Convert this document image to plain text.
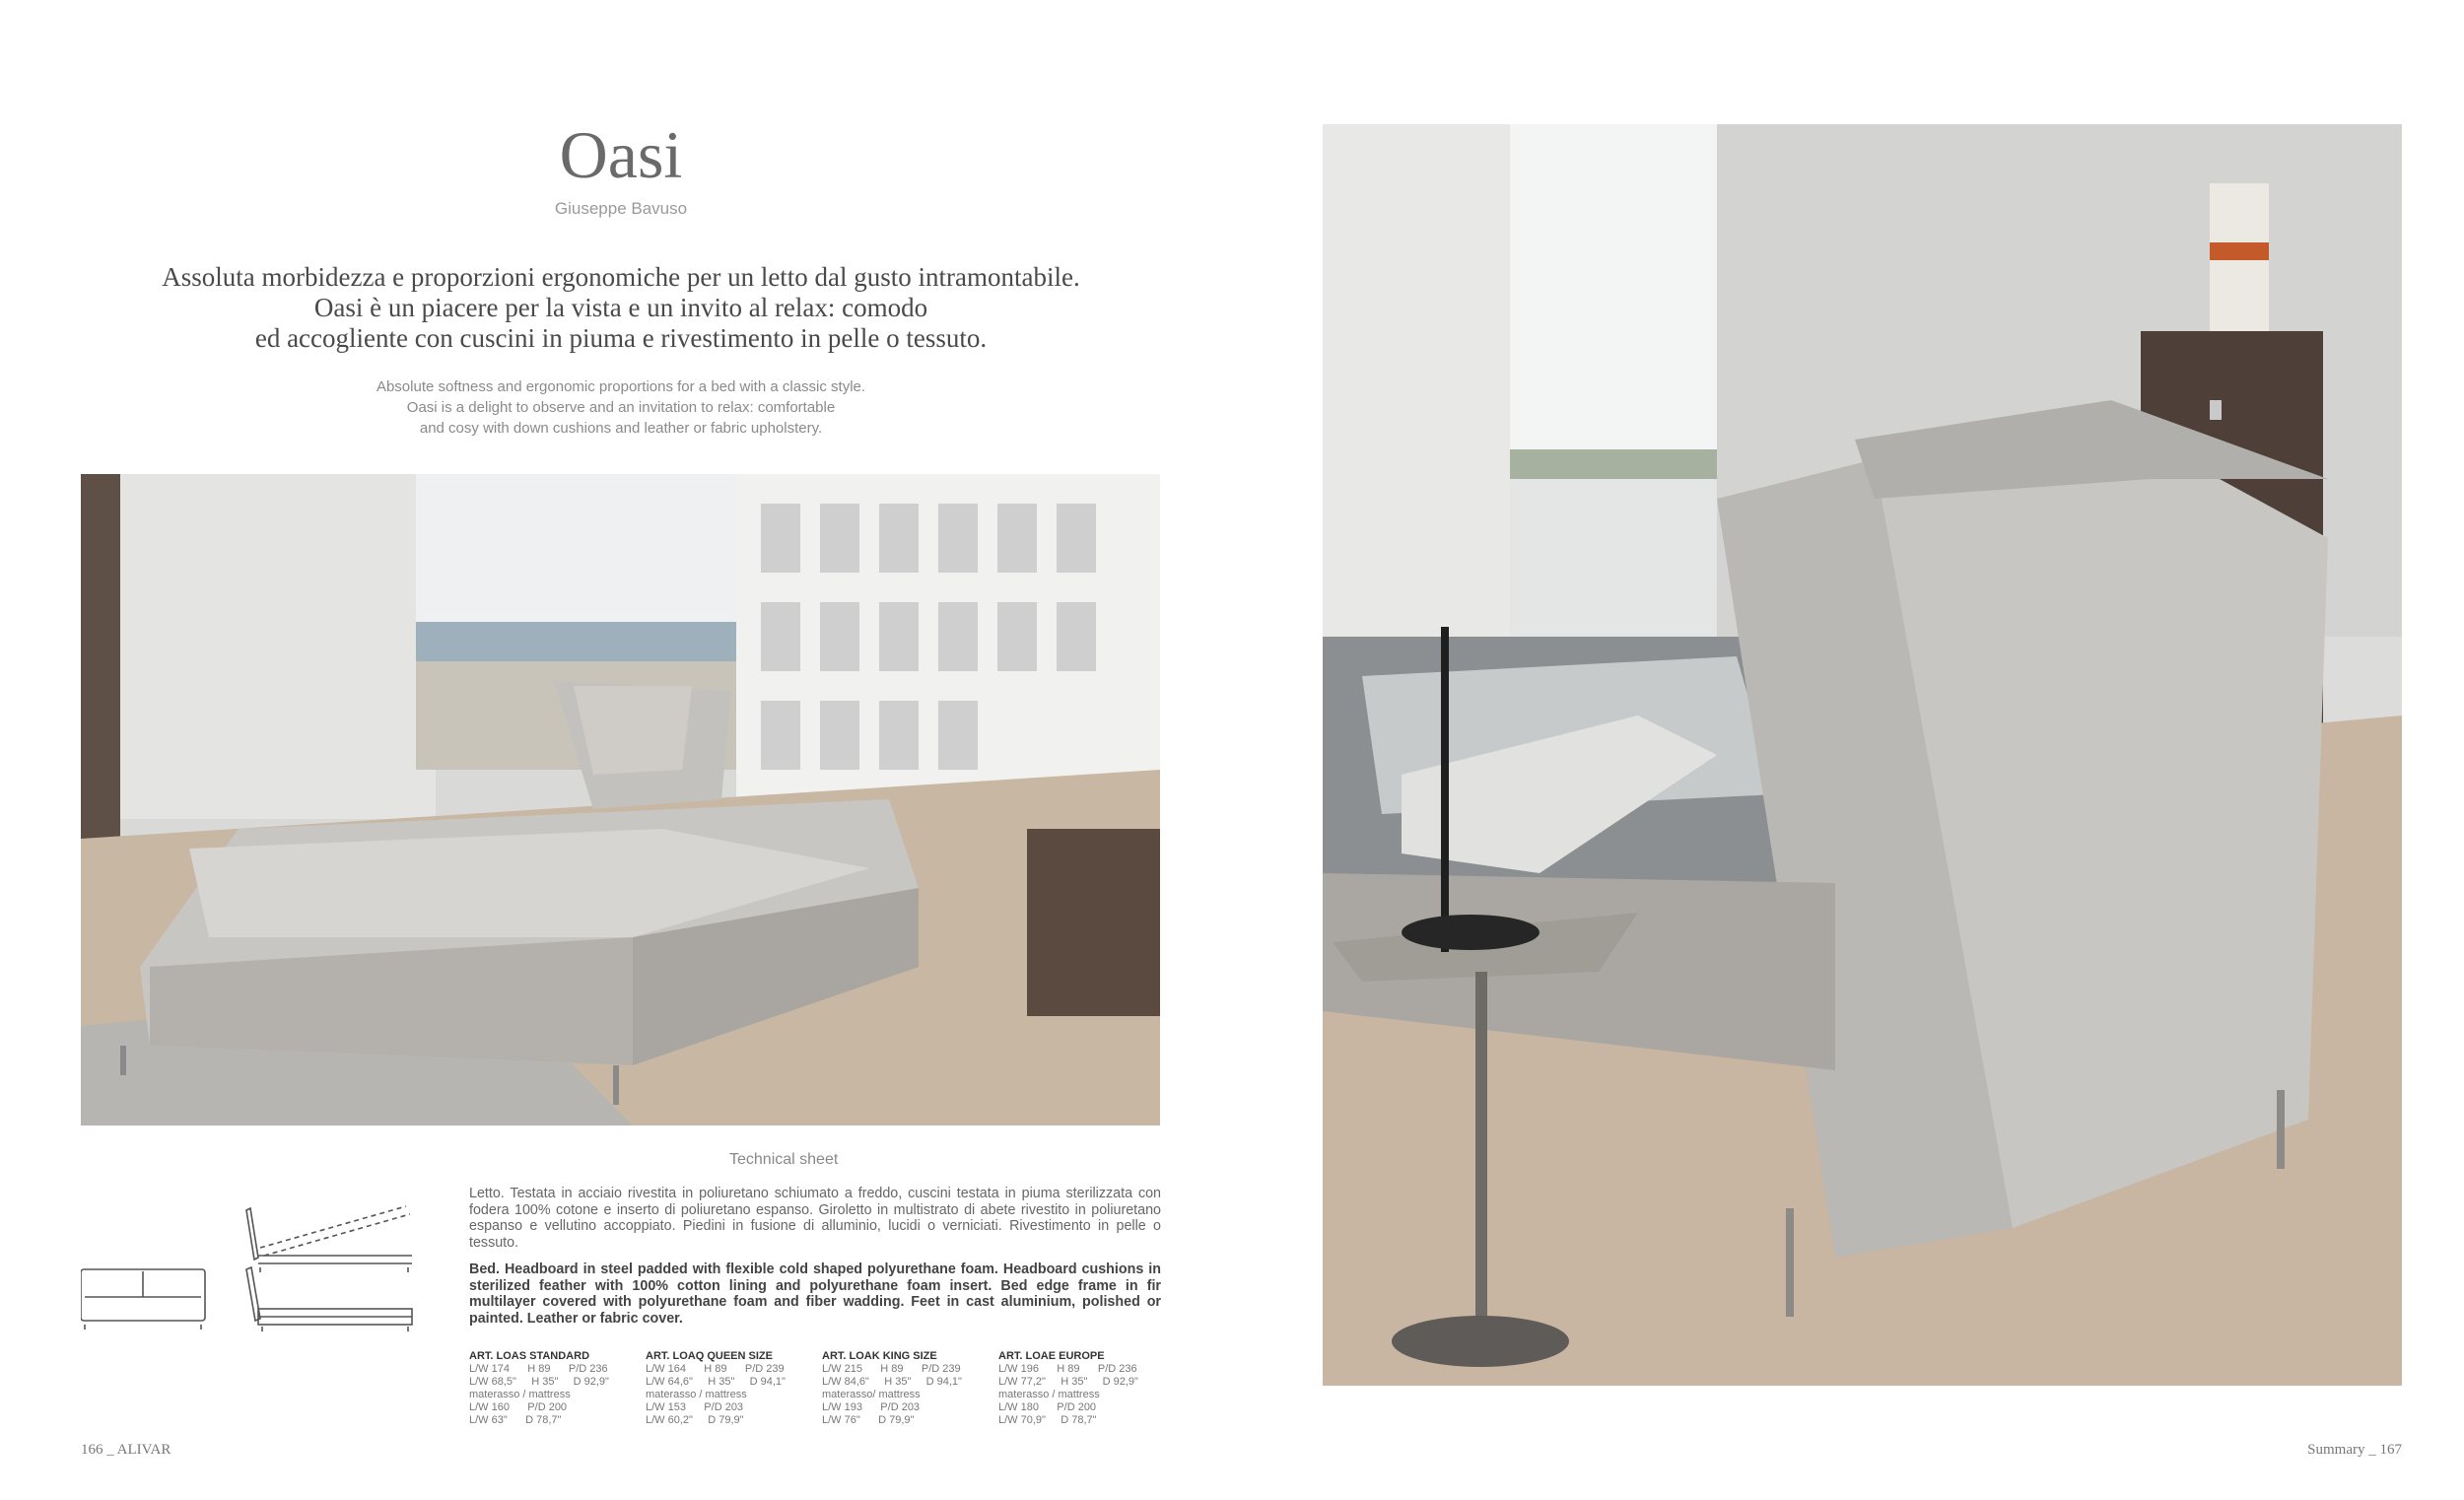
Oasi
Giuseppe Bavuso
Assoluta morbidezza e proporzioni ergonomiche per un letto dal gusto intramontabile.
Oasi è un piacere per la vista e un invito al relax: comodo
ed accogliente con cuscini in piuma e rivestimento in pelle o tessuto.
Absolute softness and ergonomic proportions for a bed with a classic style.
Oasi is a delight to observe and an invitation to relax: comfortable
and cosy with down cushions and leather or fabric upholstery.
Technical sheet
Letto. Testata in acciaio rivestita in poliuretano schiumato a freddo, cuscini testata in piuma sterilizzata con fodera 100% cotone e inserto di poliuretano espanso. Giroletto in multistrato di abete rivestito in poliuretano espanso e vellutino accoppiato. Piedini in fusione di alluminio, lucidi o verniciati. Rivestimento in pelle o tessuto.
Bed. Headboard in steel padded with flexible cold shaped polyurethane foam. Headboard cushions in sterilized feather with 100% cotton lining and polyurethane foam insert. Bed edge frame in fir multilayer covered with polyurethane foam and fiber wadding. Feet in cast aluminium, polished or painted. Leather or fabric cover.
ART. LOAS STANDARD
L/W 174      H 89      P/D 236
L/W 68,5"     H 35"     D 92,9"
materasso / mattress
L/W 160      P/D 200
L/W 63"      D 78,7"
ART. LOAQ QUEEN SIZE
L/W 164      H 89      P/D 239
L/W 64,6"     H 35"     D 94,1"
materasso / mattress
L/W 153      P/D 203
L/W 60,2"     D 79,9"
ART. LOAK KING SIZE
L/W 215      H 89      P/D 239
L/W 84,6"     H 35"     D 94,1"
materasso/ mattress
L/W 193      P/D 203
L/W 76"      D 79,9"
ART. LOAE EUROPE
L/W 196      H 89      P/D 236
L/W 77,2"     H 35"     D 92,9"
materasso / mattress
L/W 180      P/D 200
L/W 70,9"     D 78,7"
166 _ ALIVAR	Summary _ 167
